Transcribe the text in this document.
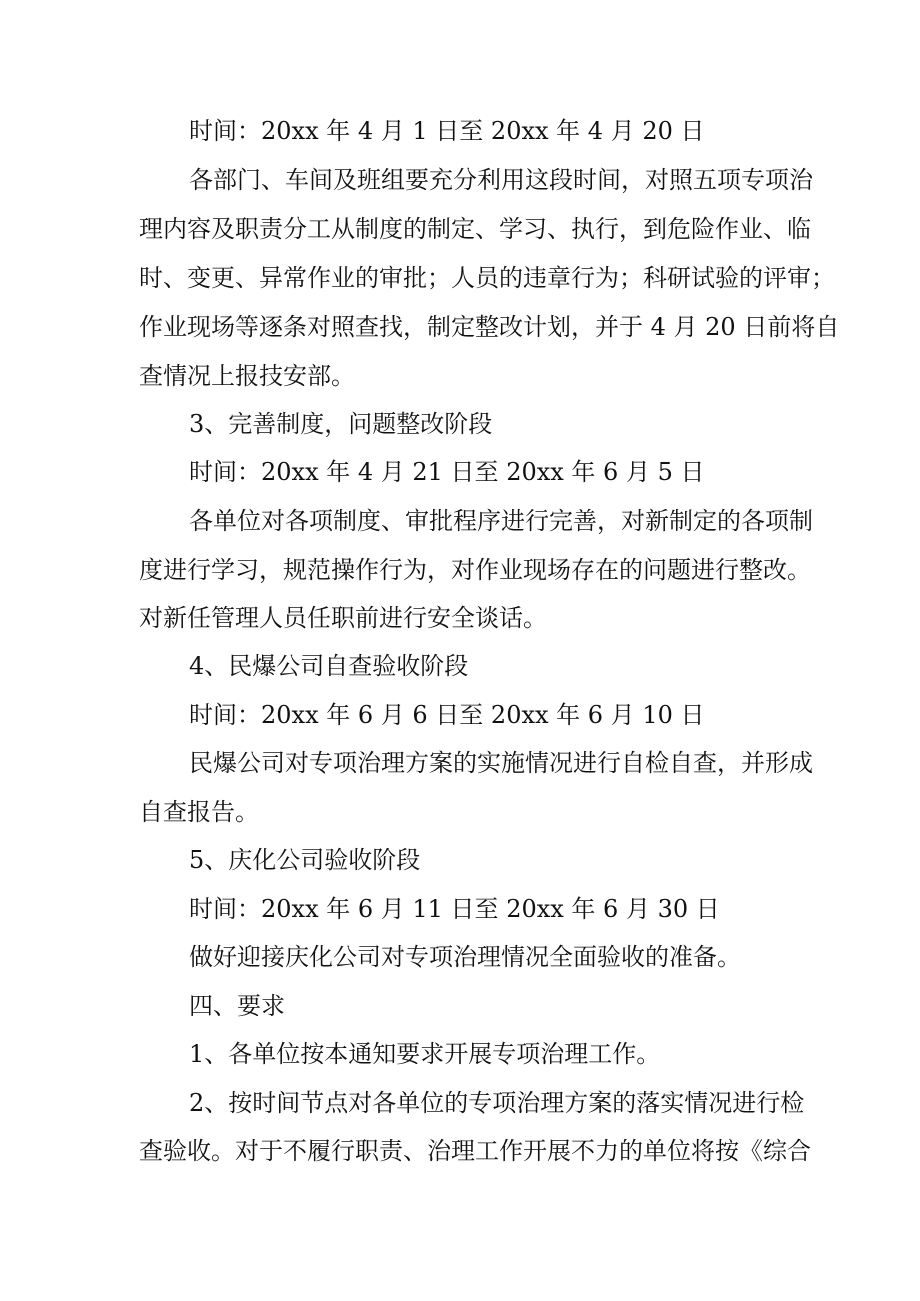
时间：20xx 年 4 月 1 日至 20xx 年 4 月 20 日
各部门、车间及班组要充分利用这段时间，对照五项专项治
理内容及职责分工从制度的制定、学习、执行，到危险作业、临
时、变更、异常作业的审批；人员的违章行为；科研试验的评审；
作业现场等逐条对照查找，制定整改计划，并于 4 月 20 日前将自
查情况上报技安部。
3、完善制度，问题整改阶段
时间：20xx 年 4 月 21 日至 20xx 年 6 月 5 日
各单位对各项制度、审批程序进行完善，对新制定的各项制
度进行学习，规范操作行为，对作业现场存在的问题进行整改。
对新任管理人员任职前进行安全谈话。
4、民爆公司自查验收阶段
时间：20xx 年 6 月 6 日至 20xx 年 6 月 10 日
民爆公司对专项治理方案的实施情况进行自检自查，并形成
自查报告。
5、庆化公司验收阶段
时间：20xx 年 6 月 11 日至 20xx 年 6 月 30 日
做好迎接庆化公司对专项治理情况全面验收的准备。
四、要求
1、各单位按本通知要求开展专项治理工作。
2、按时间节点对各单位的专项治理方案的落实情况进行检
查验收。对于不履行职责、治理工作开展不力的单位将按《综合
